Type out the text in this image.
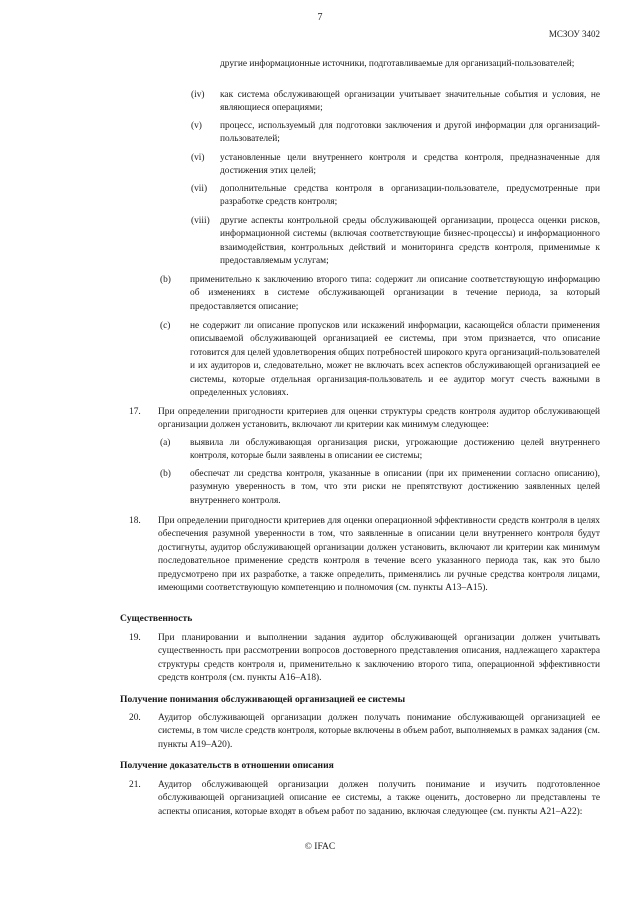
7
МСЗОУ 3402

другие информационные источники, подготавливаемые для организаций-пользователей;

(iv) как система обслуживающей организации учитывает значительные события и условия, не являющиеся операциями;

(v) процесс, используемый для подготовки заключения и другой информации для организаций-пользователей;

(vi) установленные цели внутреннего контроля и средства контроля, предназначенные для достижения этих целей;

(vii) дополнительные средства контроля в организации-пользователе, предусмотренные при разработке средств контроля;

(viii) другие аспекты контрольной среды обслуживающей организации, процесса оценки рисков, информационной системы (включая соответствующие бизнес-процессы) и информационного взаимодействия, контрольных действий и мониторинга средств контроля, применимые к предоставляемым услугам;

(b) применительно к заключению второго типа: содержит ли описание соответствующую информацию об изменениях в системе обслуживающей организации в течение периода, за который предоставляется описание;

(c) не содержит ли описание пропусков или искажений информации, касающейся области применения описываемой обслуживающей организацией ее системы, при этом признается, что описание готовится для целей удовлетворения общих потребностей широкого круга организаций-пользователей и их аудиторов и, следовательно, может не включать всех аспектов обслуживающей организацией ее системы, которые отдельная организация-пользователь и ее аудитор могут счесть важными в определенных условиях.

17. При определении пригодности критериев для оценки структуры средств контроля аудитор обслуживающей организации должен установить, включают ли критерии как минимум следующее:

(a) выявила ли обслуживающая организация риски, угрожающие достижению целей внутреннего контроля, которые были заявлены в описании ее системы;

(b) обеспечат ли средства контроля, указанные в описании (при их применении согласно описанию), разумную уверенность в том, что эти риски не препятствуют достижению заявленных целей внутреннего контроля.

18. При определении пригодности критериев для оценки операционной эффективности средств контроля в целях обеспечения разумной уверенности в том, что заявленные в описании цели внутреннего контроля будут достигнуты, аудитор обслуживающей организации должен установить, включают ли критерии как минимум последовательное применение средств контроля в течение всего указанного периода так, как это было предусмотрено при их разработке, а также определить, применялись ли ручные средства контроля лицами, имеющими соответствующую компетенцию и полномочия (см. пункты A13–A15).

Существенность
19. При планировании и выполнении задания аудитор обслуживающей организации должен учитывать существенность при рассмотрении вопросов достоверного представления описания, надлежащего характера структуры средств контроля и, применительно к заключению второго типа, операционной эффективности средств контроля (см. пункты A16–A18).

Получение понимания обслуживающей организацией ее системы
20. Аудитор обслуживающей организации должен получать понимание обслуживающей организацией ее системы, в том числе средств контроля, которые включены в объем работ, выполняемых в рамках задания (см. пункты A19–A20).

Получение доказательств в отношении описания
21. Аудитор обслуживающей организации должен получить понимание и изучить подготовленное обслуживающей организацией описание ее системы, а также оценить, достоверно ли представлены те аспекты описания, которые входят в объем работ по заданию, включая следующее (см. пункты A21–A22):

© IFAC
